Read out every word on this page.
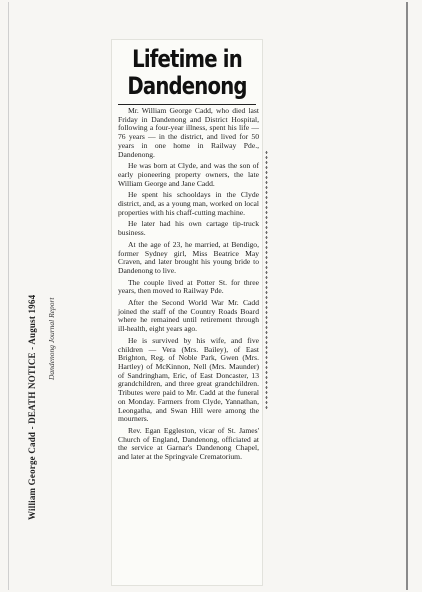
William George Cadd - DEATH NOTICE - August 1964 Dandenong Journal Report
Lifetime in Dandenong

Mr. William George Cadd, who died last Friday in Dandenong and District Hospital, following a four-year illness, spent his life — 76 years — in the district, and lived for 50 years in one home in Railway Pde., Dandenong.

He was born at Clyde, and was the son of early pioneering property owners, the late William George and Jane Cadd.

He spent his schooldays in the Clyde district, and, as a young man, worked on local properties with his chaff-cutting machine.

He later had his own cartage tip-truck business.

At the age of 23, he married, at Bendigo, former Sydney girl, Miss Beatrice May Craven, and later brought his young bride to Dandenong to live.

The couple lived at Potter St. for three years, then moved to Railway Pde.

After the Second World War Mr. Cadd joined the staff of the Country Roads Board where he remained until retirement through ill-health, eight years ago.

He is survived by his wife, and five children — Vera (Mrs. Bailey), of East Brighton, Reg. of Noble Park, Gwen (Mrs. Hartley) of McKinnon, Nell (Mrs. Maunder) of Sandringham, Eric, of East Doncaster, 13 grandchildren, and three great grandchildren. Tributes were paid to Mr. Cadd at the funeral on Monday. Farmers from Clyde, Yannathan, Leongatha, and Swan Hill were among the mourners.

Rev. Egan Eggleston, vicar of St. James' Church of England, Dandenong, officiated at the service at Garnar's Dandenong Chapel, and later at the Springvale Crematorium.
